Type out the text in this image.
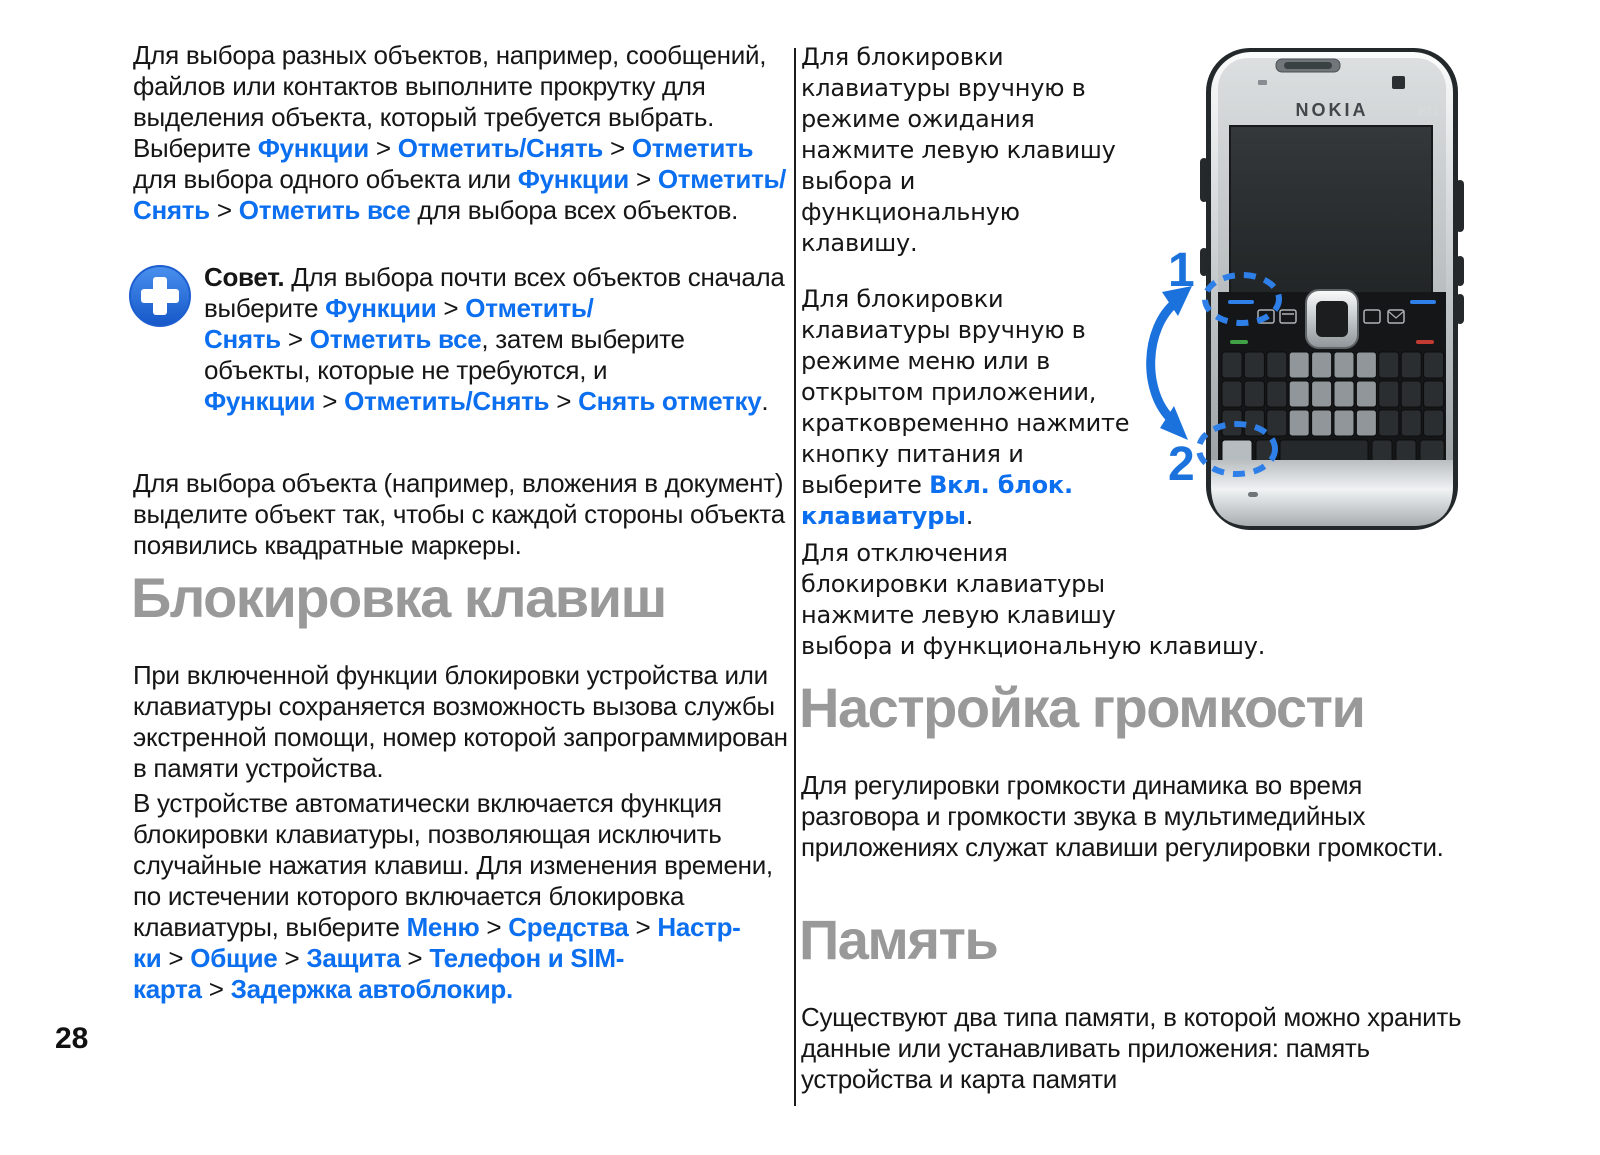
Для выбора разных объектов, например, сообщений, файлов или контактов выполните прокрутку для выделения объекта, который требуется выбрать. Выберите Функции > Отметить/Снять > Отметить для выбора одного объекта или Функции > Отметить/Снять > Отметить все для выбора всех объектов.

Совет. Для выбора почти всех объектов сначала выберите Функции > Отметить/Снять > Отметить все, затем выберите объекты, которые не требуются, и Функции > Отметить/Снять > Снять отметку.

Для выбора объекта (например, вложения в документ) выделите объект так, чтобы с каждой стороны объекта появились квадратные маркеры.

Блокировка клавиш

При включенной функции блокировки устройства или клавиатуры сохраняется возможность вызова службы экстренной помощи, номер которой запрограммирован в памяти устройства.

В устройстве автоматически включается функция блокировки клавиатуры, позволяющая исключить случайные нажатия клавиш. Для изменения времени, по истечении которого включается блокировка клавиатуры, выберите Меню > Средства > Настр-ки > Общие > Защита > Телефон и SIM-карта > Задержка автоблокир.

28

Для блокировки клавиатуры вручную в режиме ожидания нажмите левую клавишу выбора и функциональную клавишу.

Для блокировки клавиатуры вручную в режиме меню или в открытом приложении, кратковременно нажмите кнопку питания и выберите Вкл. блок. клавиатуры.

Для отключения блокировки клавиатуры нажмите левую клавишу выбора и функциональную клавишу.

Настройка громкости

Для регулировки громкости динамика во время разговора и громкости звука в мультимедийных приложениях служат клавиши регулировки громкости.

Память

Существуют два типа памяти, в которой можно хранить данные или устанавливать приложения: память устройства и карта памяти

NOKIA	E71
1
2
